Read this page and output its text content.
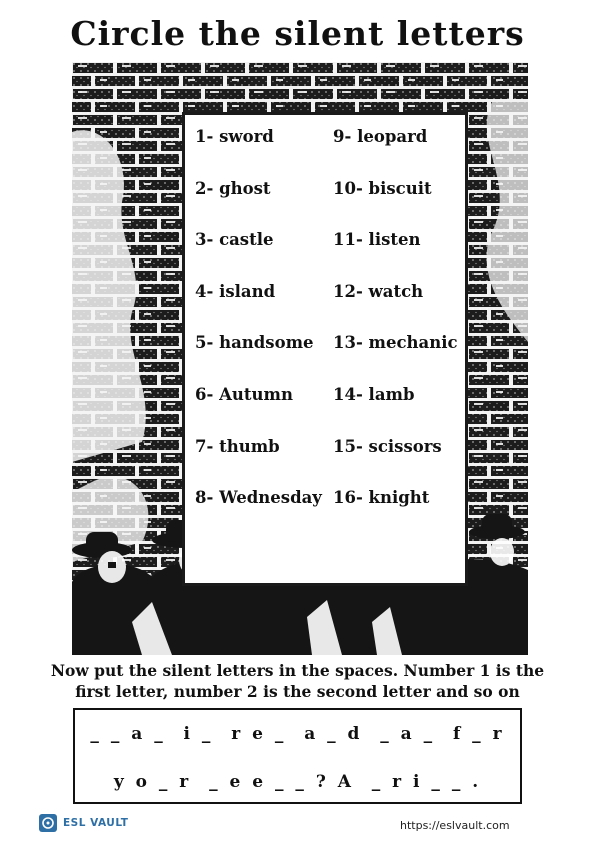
Circle the silent letters
1- sword
2- ghost
3- castle
4- island
5- handsome
6- Autumn
7- thumb
8- Wednesday
9- leopard
10- biscuit
11- listen
12- watch
13- mechanic
14- lamb
15- scissors
16- knight
Now put the silent letters in the spaces. Number 1 is the
first letter, number 2 is the second letter and so on
_ _ a _  i _  r e _  a _ d  _ a _  f _ r
y o _ r  _ e e _ _ ? A  _ r i _ _ .
ESL VAULT	https://eslvault.com
